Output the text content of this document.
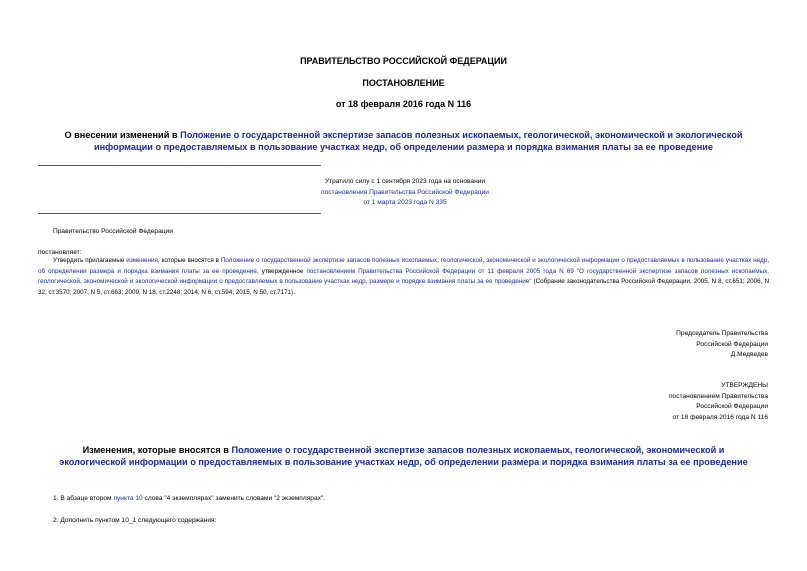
ПРАВИТЕЛЬСТВО РОССИЙСКОЙ ФЕДЕРАЦИИ
ПОСТАНОВЛЕНИЕ
от 18 февраля 2016 года N 116
О внесении изменений в Положение о государственной экспертизе запасов полезных ископаемых, геологической, экономической и экологической информации о предоставляемых в пользование участках недр, об определении размера и порядка взимания платы за ее проведение
Утратило силу с 1 сентября 2023 года на основании
постановления Правительства Российской Федерации
от 1 марта 2023 года N 335
Правительство Российской Федерации
постановляет:
Утвердить прилагаемые изменения, которые вносятся в Положение о государственной экспертизе запасов полезных ископаемых, геологической, экономической и экологической информации о предоставляемых в пользование участках недр, об определении размера и порядка взимания платы за ее проведение, утвержденное постановлением Правительства Российской Федерации от 11 февраля 2005 года N 69 "О государственной экспертизе запасов полезных ископаемых, геологической, экономической и экологической информации о предоставляемых в пользование участках недр, размере и порядке взимания платы за ее проведение" (Собрание законодательства Российской Федерации, 2005, N 8, ст.651; 2006, N 32, ст.3570; 2007, N 5, ст.663; 2009, N 18, ст.2248; 2014, N 6, ст.594; 2015, N 50, ст.7171).
Председатель Правительства
Российской Федерации
Д.Медведев
УТВЕРЖДЕНЫ
постановлением Правительства
Российской Федерации
от 18 февраля 2016 года N 116
Изменения, которые вносятся в Положение о государственной экспертизе запасов полезных ископаемых, геологической, экономической и экологической информации о предоставляемых в пользование участках недр, об определении размера и порядка взимания платы за ее проведение
1. В абзаце втором пункта 10 слова "4 экземплярах" заменить словами "2 экземплярах".
2. Дополнить пунктом 10_1 следующего содержания:
